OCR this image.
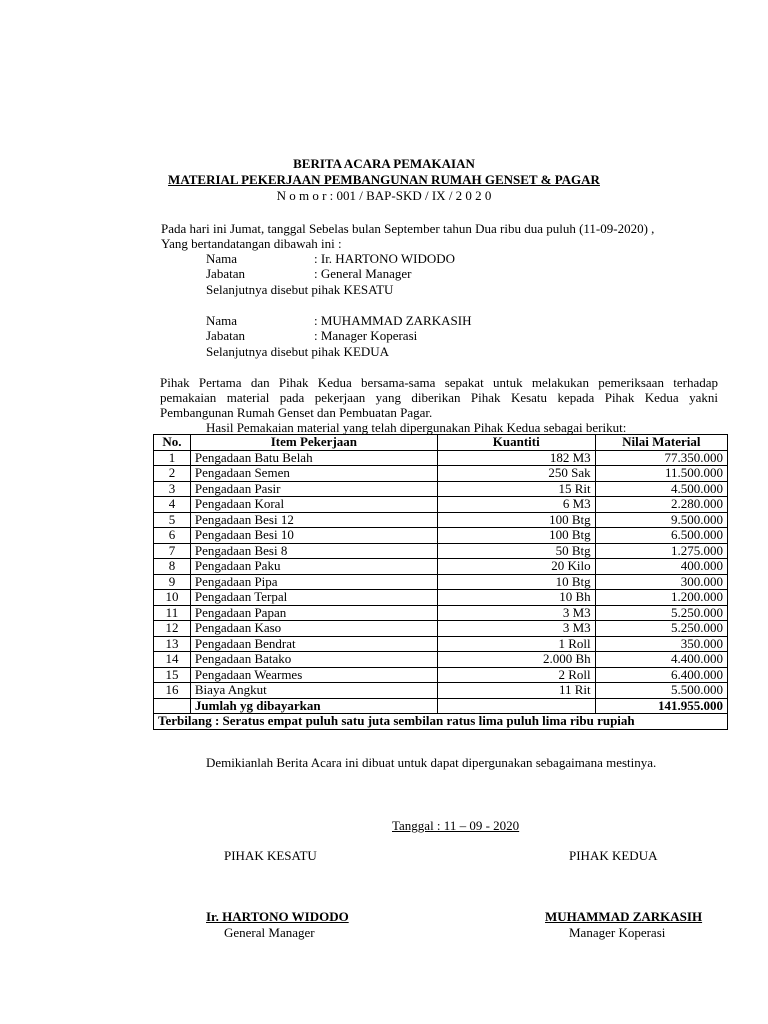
BERITA ACARA PEMAKAIAN
MATERIAL PEKERJAAN PEMBANGUNAN RUMAH GENSET & PAGAR
N o m o r : 001 / BAP-SKD / IX / 2 0 2 0
Pada hari ini Jumat, tanggal Sebelas bulan September tahun Dua ribu dua puluh (11-09-2020) ,
Yang bertandatangan dibawah ini :
Nama	: Ir. HARTONO WIDODO
Jabatan	: General Manager
Selanjutnya disebut pihak KESATU
Nama	: MUHAMMAD ZARKASIH
Jabatan	: Manager Koperasi
Selanjutnya disebut pihak KEDUA
Pihak Pertama dan Pihak Kedua bersama-sama sepakat untuk melakukan pemeriksaan terhadap
pemakaian material pada pekerjaan yang diberikan Pihak Kesatu kepada Pihak Kedua yakni
Pembangunan Rumah Genset dan Pembuatan Pagar.
Hasil Pemakaian material yang telah dipergunakan Pihak Kedua sebagai berikut:
No.	Item Pekerjaan	Kuantiti	Nilai Material
1	Pengadaan Batu Belah	182 M3	77.350.000
2	Pengadaan Semen	250 Sak	11.500.000
3	Pengadaan Pasir	15 Rit	4.500.000
4	Pengadaan Koral	6 M3	2.280.000
5	Pengadaan Besi 12	100 Btg	9.500.000
6	Pengadaan Besi 10	100 Btg	6.500.000
7	Pengadaan Besi 8	50 Btg	1.275.000
8	Pengadaan Paku	20 Kilo	400.000
9	Pengadaan Pipa	10 Btg	300.000
10	Pengadaan Terpal	10 Bh	1.200.000
11	Pengadaan Papan	3 M3	5.250.000
12	Pengadaan Kaso	3 M3	5.250.000
13	Pengadaan Bendrat	1 Roll	350.000
14	Pengadaan Batako	2.000 Bh	4.400.000
15	Pengadaan Wearmes	2 Roll	6.400.000
16	Biaya Angkut	11 Rit	5.500.000
	Jumlah yg dibayarkan		141.955.000
Terbilang : Seratus empat puluh satu juta sembilan ratus lima puluh lima ribu rupiah			
Demikianlah Berita Acara ini dibuat untuk dapat dipergunakan sebagaimana mestinya.
Tanggal : 11 – 09 - 2020
PIHAK KESATU	PIHAK KEDUA
Ir. HARTONO WIDODO
General Manager
MUHAMMAD ZARKASIH
Manager Koperasi
